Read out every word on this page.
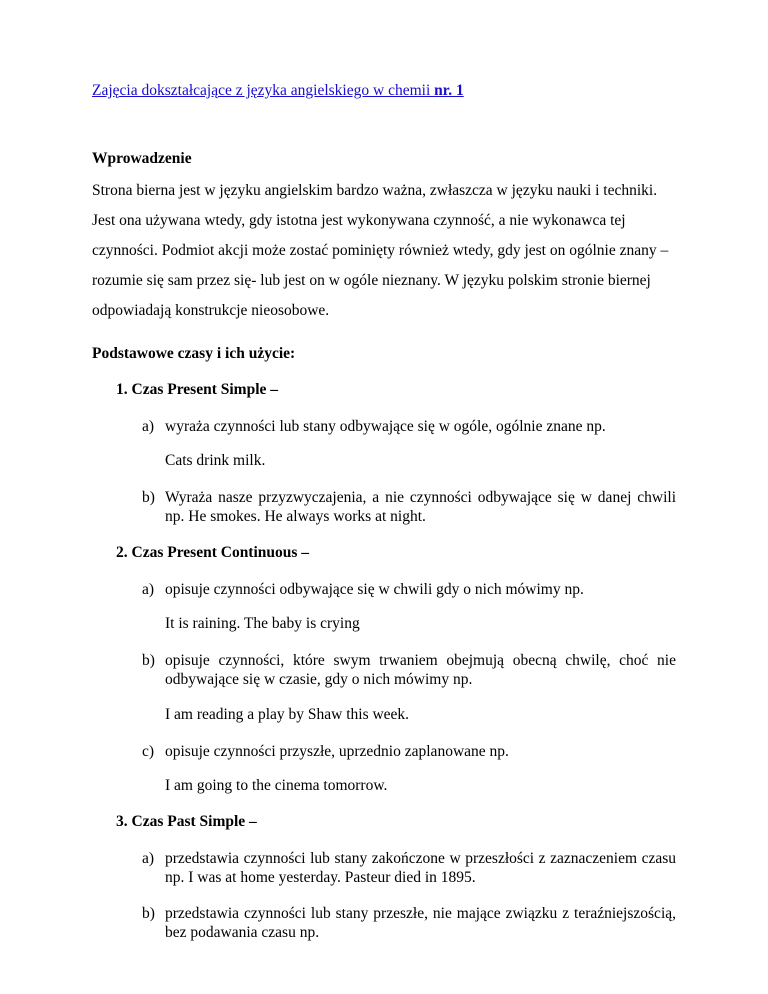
Zajęcia dokształcające z języka angielskiego w chemii nr. 1
Wprowadzenie
Strona bierna jest w języku angielskim bardzo ważna, zwłaszcza w języku nauki i techniki.
Jest ona używana wtedy, gdy istotna jest wykonywana czynność, a nie wykonawca tej
czynności. Podmiot akcji może zostać pominięty również wtedy, gdy jest on ogólnie znany –
rozumie się sam przez się- lub jest on w ogóle nieznany. W języku polskim stronie biernej
odpowiadają konstrukcje nieosobowe.
Podstawowe czasy i ich użycie:
1. Czas Present Simple –
a) wyraża czynności lub stany odbywające się w ogóle, ogólnie znane np.
Cats drink milk.
b) Wyraża nasze przyzwyczajenia, a nie czynności odbywające się w danej chwili np. He smokes. He always works at night.
2. Czas Present Continuous –
a) opisuje czynności odbywające się w chwili gdy o nich mówimy np.
It is raining. The baby is crying
b) opisuje czynności, które swym trwaniem obejmują obecną chwilę, choć nie odbywające się w czasie, gdy o nich mówimy np.
I am reading a play by Shaw this week.
c) opisuje czynności przyszłe, uprzednio zaplanowane np.
I am going to the cinema tomorrow.
3. Czas Past Simple –
a) przedstawia czynności lub stany zakończone w przeszłości z zaznaczeniem czasu np. I was at home yesterday. Pasteur died in 1895.
b) przedstawia czynności lub stany przeszłe, nie mające związku z teraźniejszością, bez podawania czasu np.
